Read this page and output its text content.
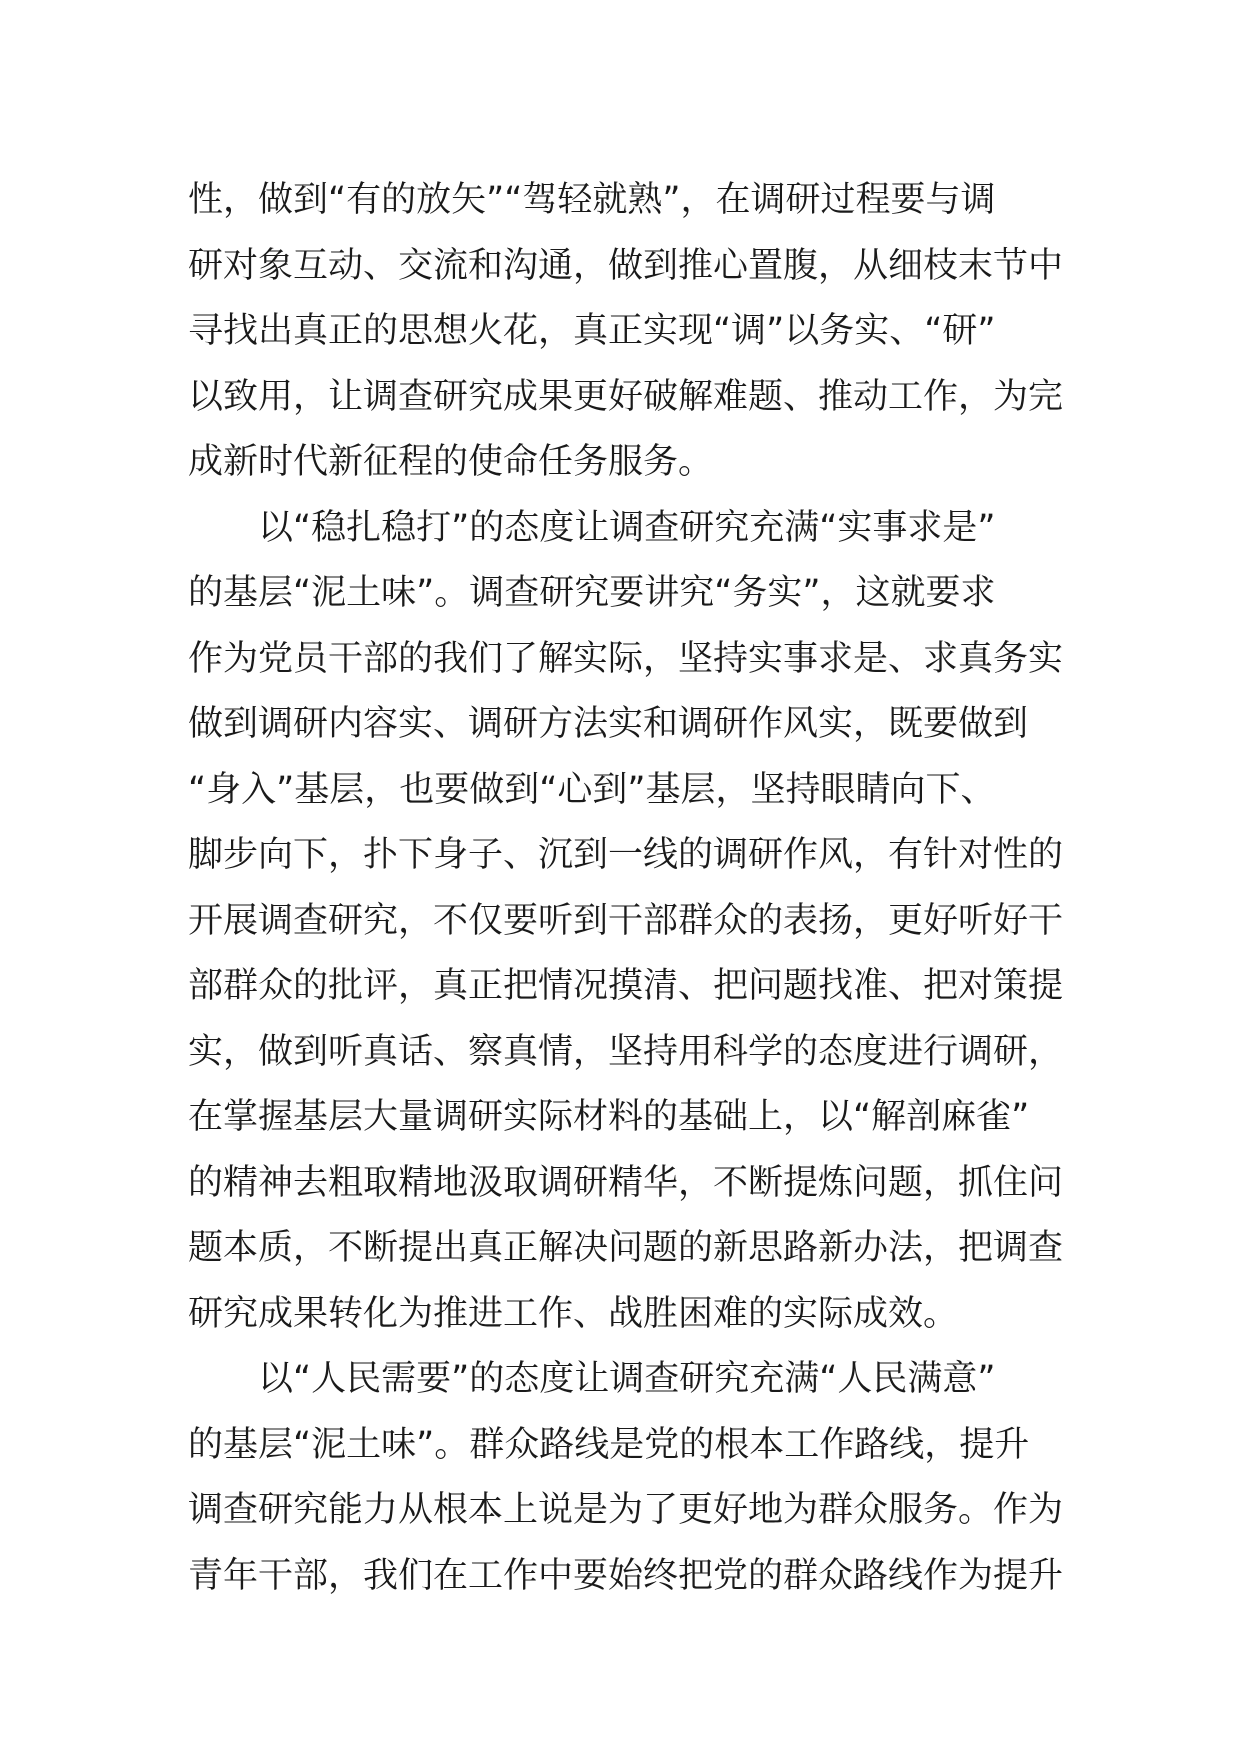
性，做到“有的放矢”“驾轻就熟”，在调研过程要与调
研对象互动、交流和沟通，做到推心置腹，从细枝末节中
寻找出真正的思想火花，真正实现“调”以务实、“研”
以致用，让调查研究成果更好破解难题、推动工作，为完
成新时代新征程的使命任务服务。
以“稳扎稳打”的态度让调查研究充满“实事求是”
的基层“泥土味”。调查研究要讲究“务实”，这就要求
作为党员干部的我们了解实际，坚持实事求是、求真务实
做到调研内容实、调研方法实和调研作风实，既要做到
“身入”基层，也要做到“心到”基层，坚持眼睛向下、
脚步向下，扑下身子、沉到一线的调研作风，有针对性的
开展调查研究，不仅要听到干部群众的表扬，更好听好干
部群众的批评，真正把情况摸清、把问题找准、把对策提
实，做到听真话、察真情，坚持用科学的态度进行调研，
在掌握基层大量调研实际材料的基础上，以“解剖麻雀”
的精神去粗取精地汲取调研精华，不断提炼问题，抓住问
题本质，不断提出真正解决问题的新思路新办法，把调查
研究成果转化为推进工作、战胜困难的实际成效。
以“人民需要”的态度让调查研究充满“人民满意”
的基层“泥土味”。群众路线是党的根本工作路线，提升
调查研究能力从根本上说是为了更好地为群众服务。作为
青年干部，我们在工作中要始终把党的群众路线作为提升
